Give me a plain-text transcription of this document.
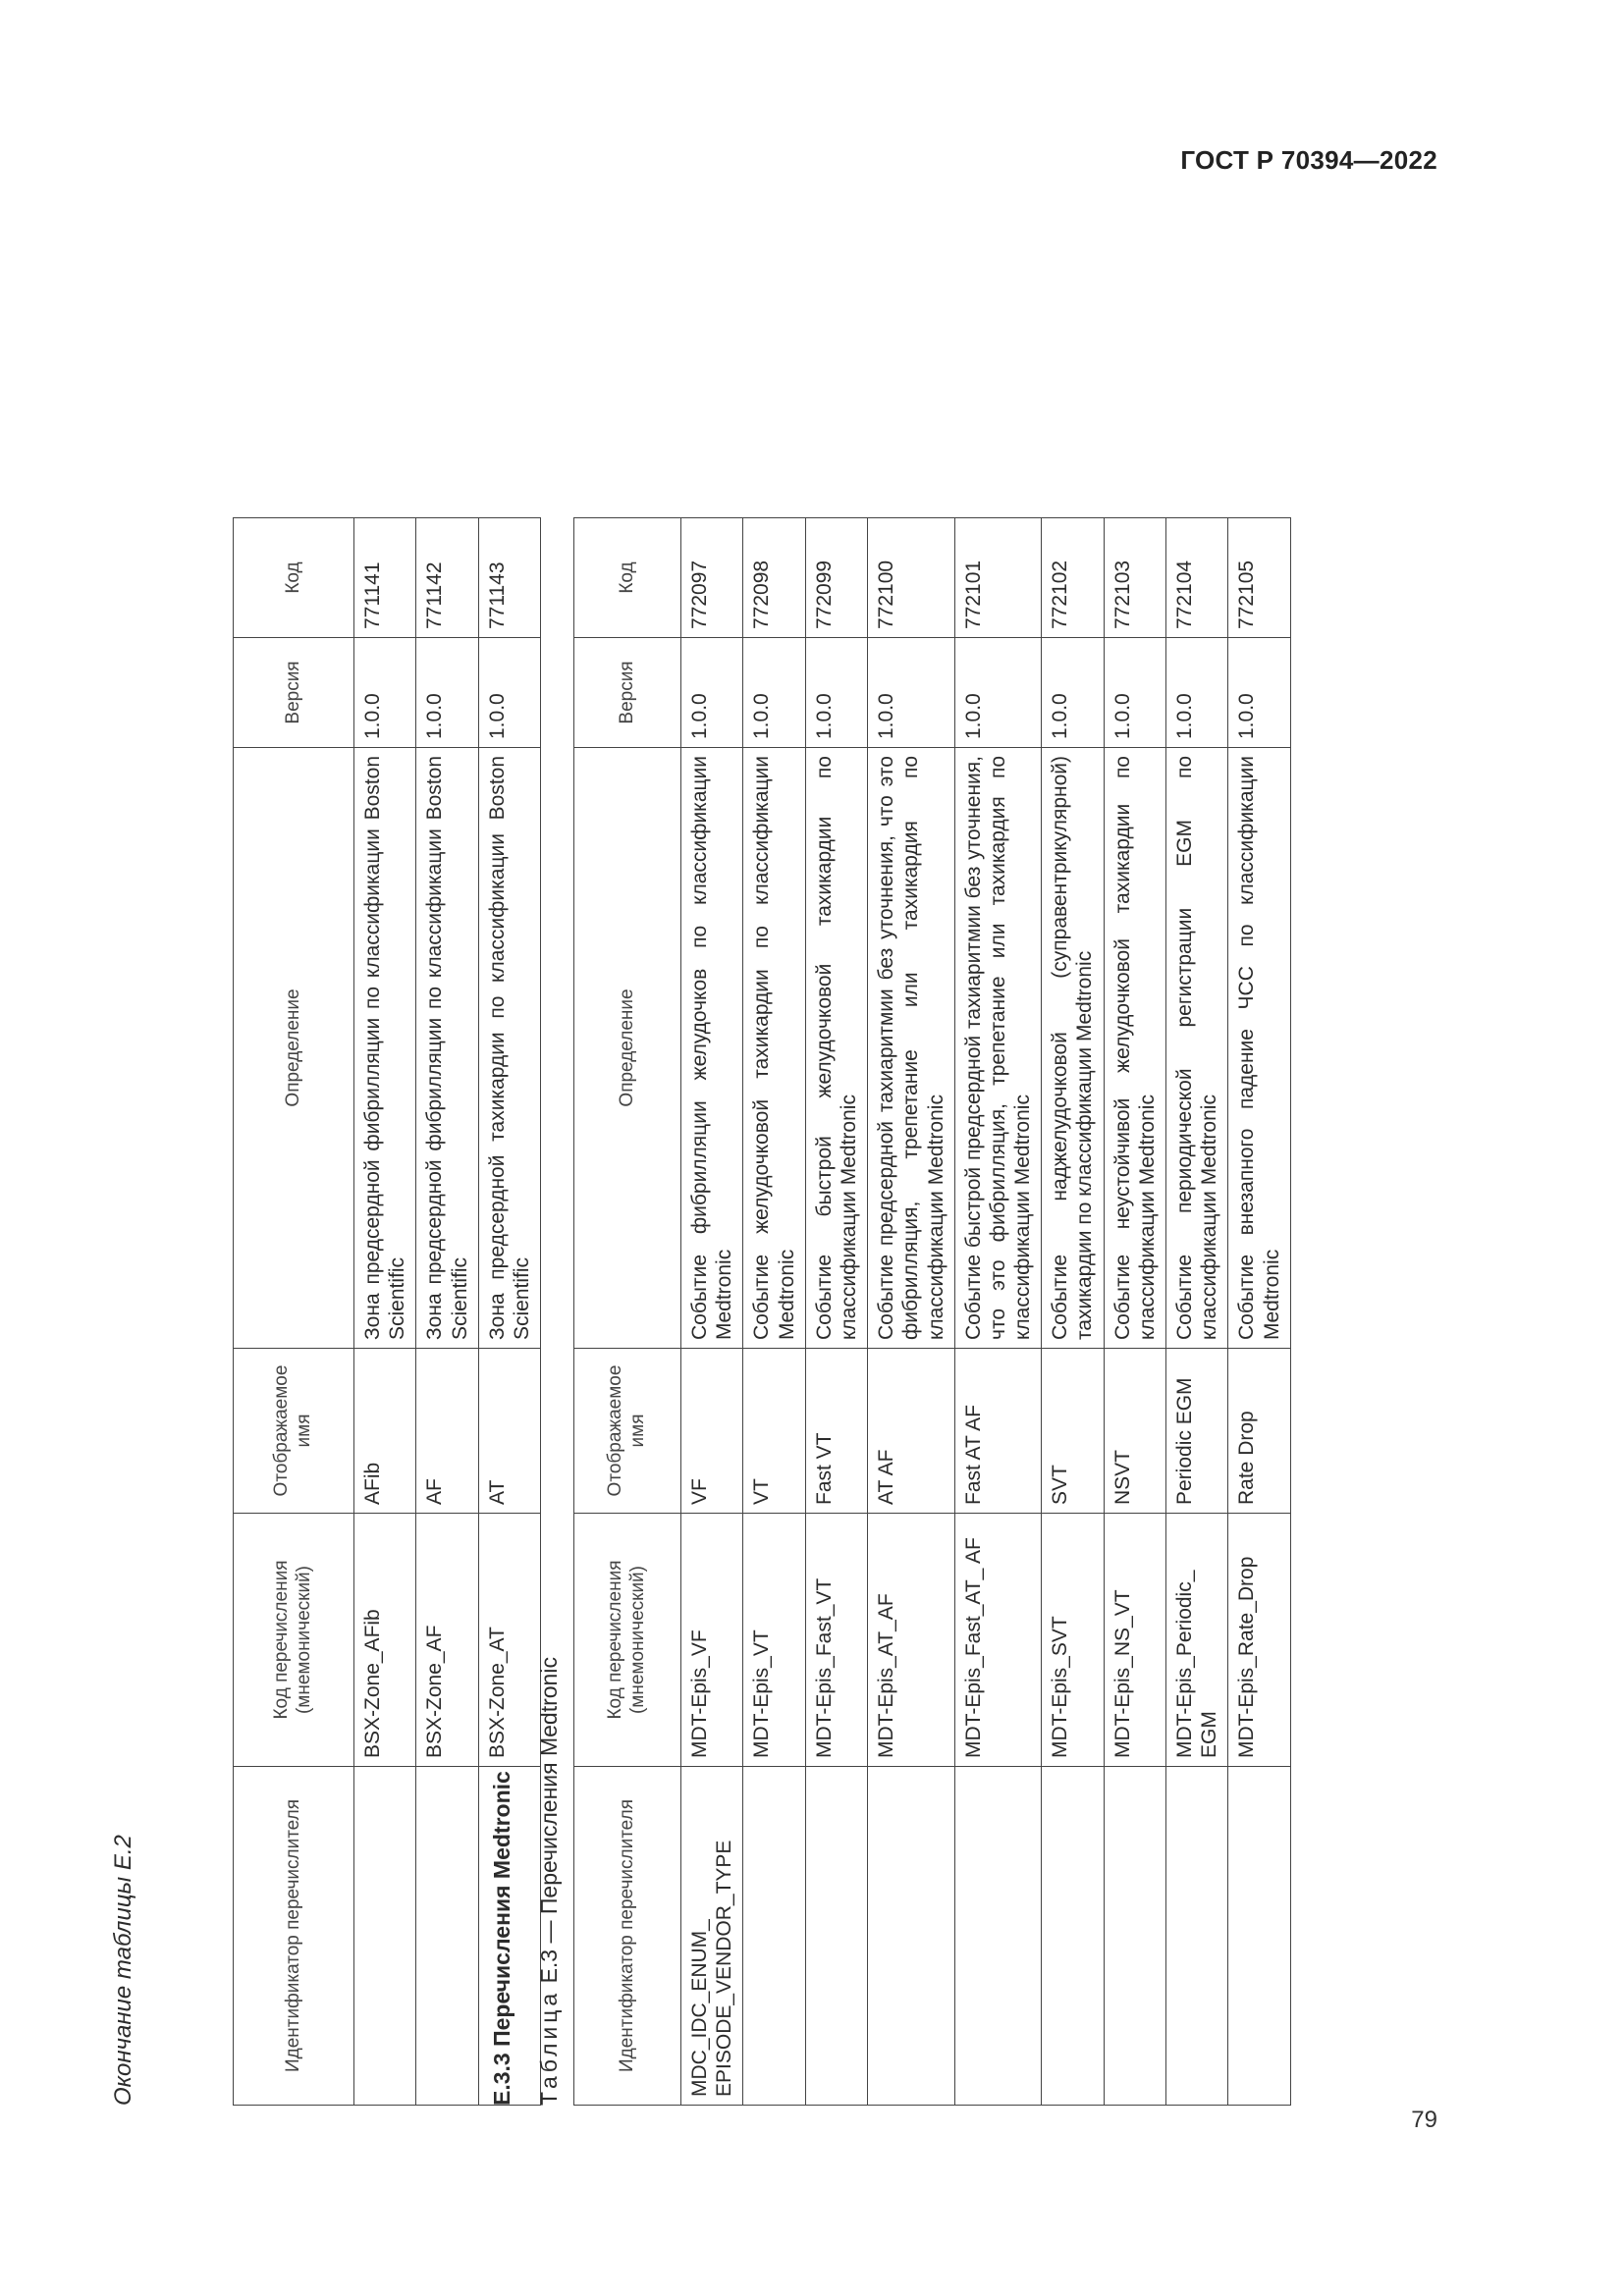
ГОСТ Р 70394—2022
79
Окончание таблицы Е.2	Идентификатор перечислителя	Код перечисления (мнемонический)	Отображаемое имя	Определение	Версия	Код
	BSX-Zone_AFib	AFib	Зона предсердной фибрилляции по классификации Boston Scientific	1.0.0	771141
	BSX-Zone_AF	AF	Зона предсердной фибрилляции по классификации Boston Scientific	1.0.0	771142
	BSX-Zone_AT	AT	Зона предсердной тахикардии по классификации Boston Scientific	1.0.0	771143
Е.3.3 Перечисления Medtronic Таблица Е.3 — Перечисления Medtronic	Идентификатор перечислителя	Код перечисления (мнемонический)	Отображаемое имя	Определение	Версия	Код
MDC_IDC_ENUM_ EPISODE_VENDOR_TYPE	MDT-Epis_VF	VF	Событие фибрилляции желудочков по классификации Medtronic	1.0.0	772097
	MDT-Epis_VT	VT	Событие желудочковой тахикардии по классификации Medtronic	1.0.0	772098
	MDT-Epis_Fast_VT	Fast VT	Событие быстрой желудочковой тахикардии по классификации Medtronic	1.0.0	772099
	MDT-Epis_AT_AF	AT AF	Событие предсердной тахиаритмии без уточнения, что это фибрилляция, трепетание или тахикардия по классификации Medtronic	1.0.0	772100
	MDT-Epis_Fast_AT_ AF	Fast AT AF	Событие быстрой предсердной тахиаритмии без уточнения, что это фибрилляция, трепетание или тахикардия по классификации Medtronic	1.0.0	772101
	MDT-Epis_SVT	SVT	Событие наджелудочковой (суправентрикулярной) тахикардии по классификации Medtronic	1.0.0	772102
	MDT-Epis_NS_VT	NSVT	Событие неустойчивой желудочковой тахикардии по классификации Medtronic	1.0.0	772103
	MDT-Epis_Periodic_ EGM	Periodic EGM	Событие периодической регистрации EGM по классификации Medtronic	1.0.0	772104
	MDT-Epis_Rate_Drop	Rate Drop	Событие внезапного падение ЧСС по классификации Medtronic	1.0.0	772105
